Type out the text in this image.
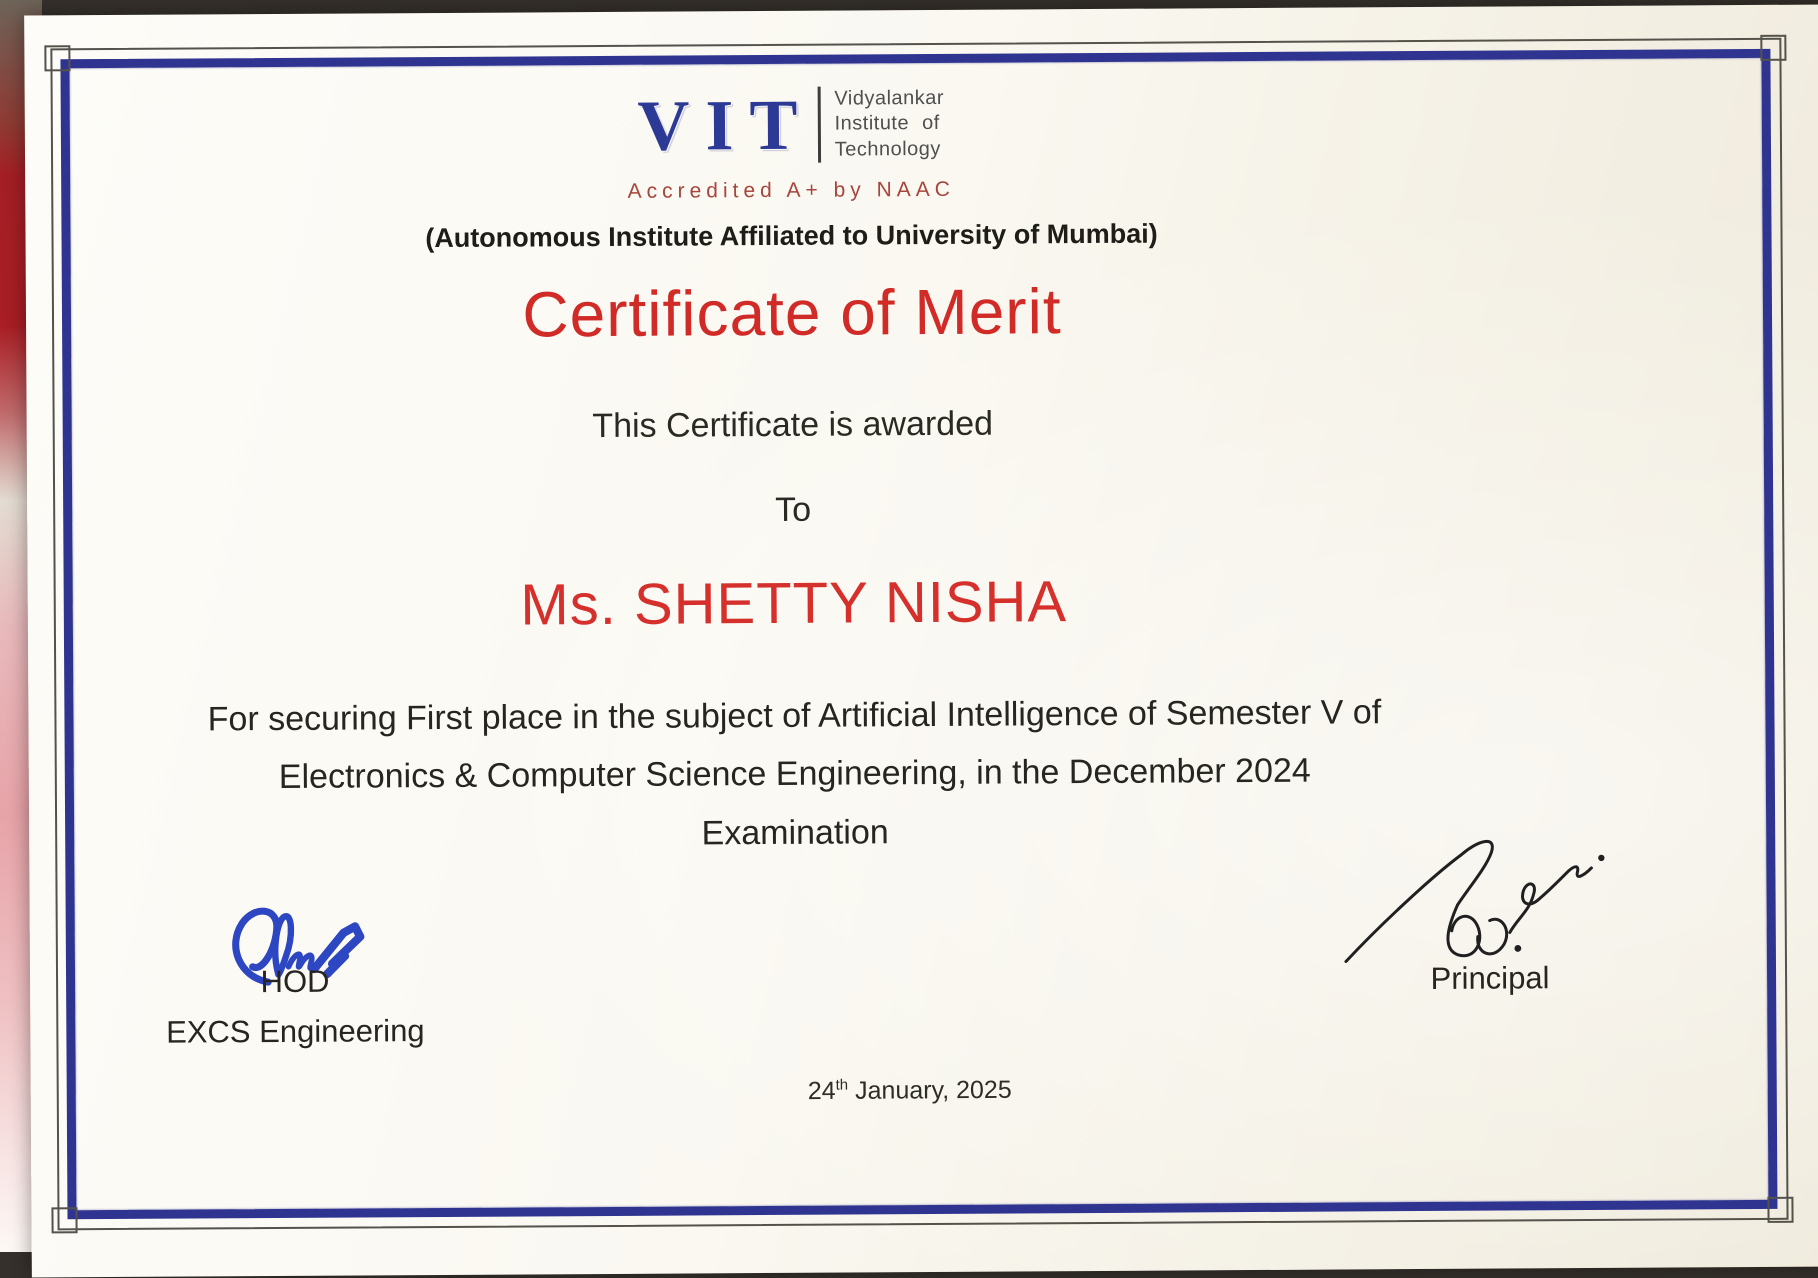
VIT Vidyalankar
Institute of
Technology
Accredited A+ by NAAC
(Autonomous Institute Affiliated to University of Mumbai)
Certificate of Merit
This Certificate is awarded
To
Ms. SHETTY NISHA
For securing First place in the subject of Artificial Intelligence of Semester V of
Electronics & Computer Science Engineering, in the December 2024
Examination
HOD
EXCS Engineering
Principal
24th January, 2025
